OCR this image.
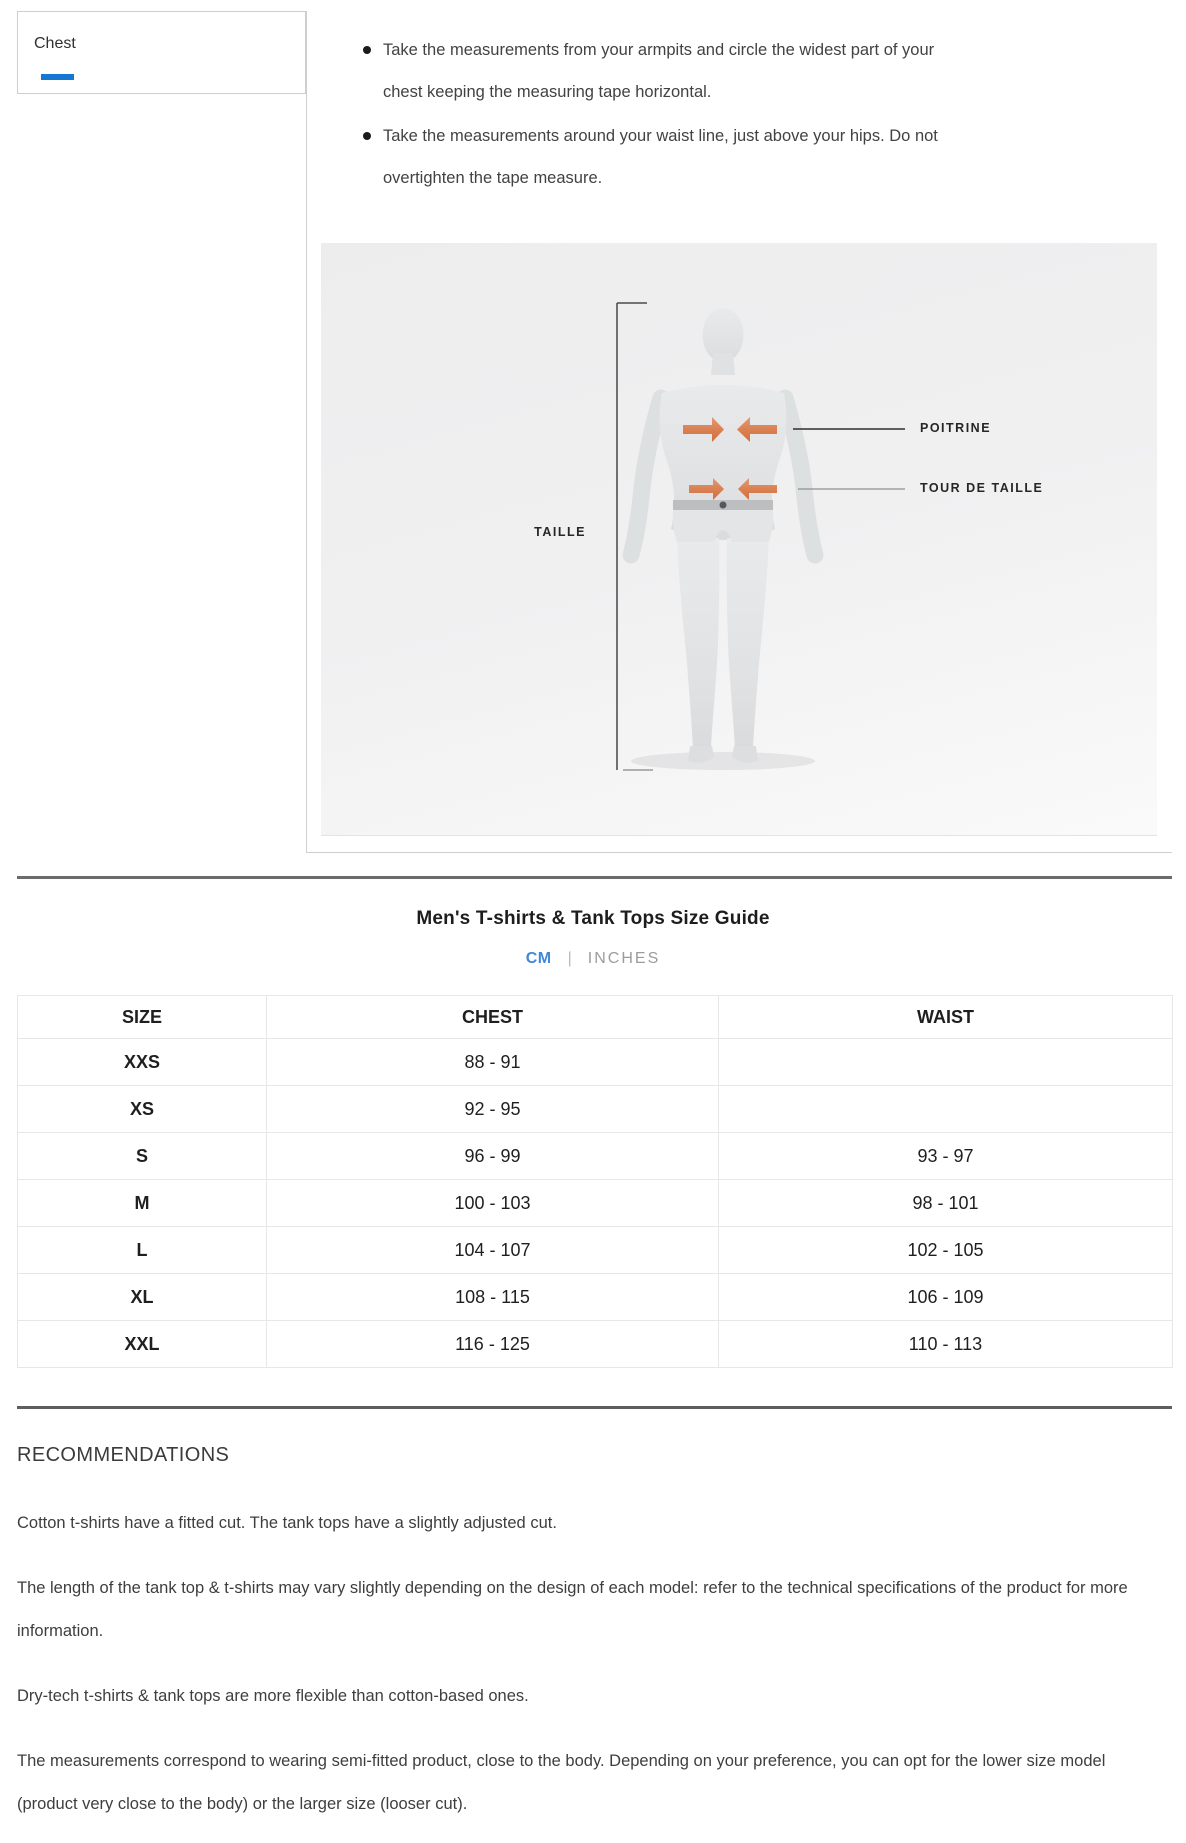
Chest	Take the measurements from your armpits and circle the widest part of your chest keeping the measuring tape horizontal.
Take the measurements around your waist line, just above your hips. Do not overtighten the tape measure.
TAILLE
POITRINE
TOUR DE TAILLE
Men's T-shirts & Tank Tops Size Guide
CM | INCHES
SIZE	CHEST	WAIST
XXS	88 - 91	
XS	92 - 95	
S	96 - 99	93 - 97
M	100 - 103	98 - 101
L	104 - 107	102 - 105
XL	108 - 115	106 - 109
XXL	116 - 125	110 - 113
RECOMMENDATIONS

Cotton t-shirts have a fitted cut. The tank tops have a slightly adjusted cut.

The length of the tank top & t-shirts may vary slightly depending on the design of each model: refer to the technical specifications of the product for more information.

Dry-tech t-shirts & tank tops are more flexible than cotton-based ones.

The measurements correspond to wearing semi-fitted product, close to the body. Depending on your preference, you can opt for the lower size model (product very close to the body) or the larger size (looser cut).
